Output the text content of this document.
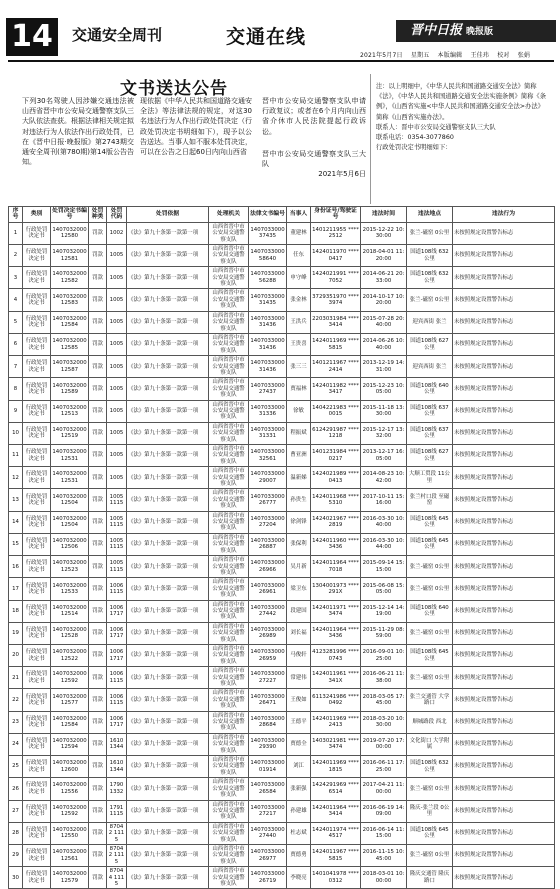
14	交通安全周刊	交通在线	晋中日报 晚报版
2021年5月7日 星期五 本版编辑 王佳玮 校对 张娟
文书送达公告
下列30名驾驶人因涉嫌交通违法被山西省晋中市公安局交通警察支队三大队依法查获。根据法律相关规定拟对违法行为人依法作出行政处罚，已在《晋中日报·晚报版》第2743期交通安全周刊(第780期)第14版公告告知。
现依据《中华人民共和国道路交通安全法》等法律法规的规定，对这30名违法行为人作出行政处罚决定（行政处罚决定书明细如下），现予以公告送达。当事人如不服本处罚决定，可以在公告之日起60日内向山西省
晋中市公安局交通警察支队申请行政复议；或者在6个月内向山西省介休市人民法院提起行政诉讼。
晋中市公安局交通警察支队三大队
2021年5月6日
注：以上明细中，《中华人民共和国道路交通安全法》简称《法》，《中华人民共和国道路交通安全法实施条例》简称《条例》，《山西省实施<中华人民共和国道路交通安全法>办法》简称《山西省实施办法》。
联系人：晋中市公安局交通警察支队三大队
联系电话：0354-3077860
行政处罚决定书明细如下：
序号	类别	处罚决定书编号	处罚种类	处罚代码	处罚依据	处理机关	法律文书编号	当事人	身份证号/驾驶证号	违法时间	违法地点	违法行为
1	行政处罚决定书	1407032000 12580	罚款	1002	《法》第九十条第一款第一项	山西省晋中市公安局交通警察支队	1407033000 37435	董建林	1401211955 ****2512	2015-12-22 10:30:00	张兰-磁窑 0公里	未按照规定设置警告标志
2	行政处罚决定书	1407032000 12581	罚款	1005	《法》第九十条第一款第一项	山西省晋中市公安局交通警察支队	1407033000 58640	任东	1424011970 ****0417	2018-04-01 11:20:00	国道108线 632公里	未按照规定设置警告标志
3	行政处罚决定书	1407032000 12582	罚款	1005	《法》第九十条第一款第一项	山西省晋中市公安局交通警察支队	1407033000 56288	申守峰	1424021991 ****7052	2014-06-21 20:33:00	国道108线 632公里	未按照规定设置警告标志
4	行政处罚决定书	1407032000 12583	罚款	1005	《法》第九十条第一款第一项	山西省晋中市公安局交通警察支队	1407033000 31435	张金林	3729351970 ****3974	2014-10-17 10:20:00	张兰-磁窑 0公里	未按照规定设置警告标志
5	行政处罚决定书	1407032000 12584	罚款	1005	《法》第九十条第一款第一项	山西省晋中市公安局交通警察支队	1407033000 31436	王洪兵	2203031984 ****3414	2015-07-28 20:40:00	迎宾西街 张兰	未按照规定设置警告标志
6	行政处罚决定书	1407032000 12585	罚款	1005	《法》第九十条第一款第一项	山西省晋中市公安局交通警察支队	1407033000 31436	王贵喜	1424011969 ****5815	2014-06-26 10:40:00	国道108线 627公里	未按照规定设置警告标志
7	行政处罚决定书	1407032000 12587	罚款	1005	《法》第九十条第一款第一项	山西省晋中市公安局交通警察支队	1407033000 31436	张三三	1401211967 ****2414	2013-12-19 14:31:00	迎宾西街 张兰	未按照规定设置警告标志
8	行政处罚决定书	1407032000 12589	罚款	1005	《法》第九十条第一款第一项	山西省晋中市公安局交通警察支队	1407033000 27437	贾福林	1424011982 ****3417	2015-12-23 10:05:00	国道108线 640公里	未按照规定设置警告标志
9	行政处罚决定书	1407032000 12513	罚款	1005	《法》第九十条第一款第一项	山西省晋中市公安局交通警察支队	1407033000 31336	徐敏	1404221983 ****0015	2015-11-18 13:30:00	国道108线 637公里	未按照规定设置警告标志
10	行政处罚决定书	1407032000 12519	罚款	1005	《法》第九十条第一款第一项	山西省晋中市公安局交通警察支队	1407033000 31331	程振斌	6124291987 ****1218	2015-12-17 13:32:00	国道108线 637公里	未按照规定设置警告标志
11	行政处罚决定书	1407032000 12531	罚款	1005	《法》第九十条第一款第一项	山西省晋中市公安局交通警察支队	1407033000 32561	曹亚洲	1401231984 ****0217	2013-12-17 16:05:00	国道108线 627公里	未按照规定设置警告标志
12	行政处罚决定书	1407032000 12531	罚款	1005	《法》第九十条第一款第一项	山西省晋中市公安局交通警察支队	1407033000 29007	温新娣	1424021989 ****0413	2014-08-23 10:42:00	大顺工贸段 11公里	未按照规定设置警告标志
13	行政处罚决定书	1407032000 12504	罚款	1005 1115	《法》第九十条第一款第一项	山西省晋中市公安局交通警察支队	1407033000 26777	孙贵生	1424011968 ****5310	2017-10-11 15:16:00	张兰村口段 至磁窑	未按照规定设置警告标志
14	行政处罚决定书	1407032000 12504	罚款	1005 1115	《法》第九十条第一款第一项	山西省晋中市公安局交通警察支队	1407033000 27204	徐剑锋	1424021967 ****2819	2016-03-30 10:40:00	国道108线 645公里	未按照规定设置警告标志
15	行政处罚决定书	1407032000 12506	罚款	1005 1115	《法》第九十条第一款第一项	山西省晋中市公安局交通警察支队	1407033000 26887	张保利	1424011960 ****3436	2016-03-30 10:44:00	国道108线 645公里	未按照规定设置警告标志
16	行政处罚决定书	1407032000 12523	罚款	1005 1115	《法》第九十条第一款第一项	山西省晋中市公安局交通警察支队	1407033000 26966	吴月新	1424011964 ****7018	2015-09-14 15:15:00	张兰-磁窑 0公里	未按照规定设置警告标志
17	行政处罚决定书	1407032000 12533	罚款	1006 1115	《法》第九十条第一款第一项	山西省晋中市公安局交通警察支队	1407033000 26961	梁卫东	1304001973 ****291X	2015-06-08 15:05:00	张兰-磁窑 0公里	未按照规定设置警告标志
18	行政处罚决定书	1407032000 12514	罚款	1006 1717	《法》第九十条第一款第一项	山西省晋中市公安局交通警察支队	1407033000 27442	段建国	1424011971 ****3474	2015-12-14 14:19:00	国道108线 640公里	未按照规定设置警告标志
19	行政处罚决定书	1407032000 12528	罚款	1006 1717	《法》第九十条第一款第一项	山西省晋中市公安局交通警察支队	1407033000 26989	刘长福	1424011964 ****3436	2015-11-29 08:59:00	张兰-磁窑 0公里	未按照规定设置警告标志
20	行政处罚决定书	1407032000 12522	罚款	1006 1717	《法》第九十条第一款第一项	山西省晋中市公安局交通警察支队	1407033000 26959	马俊轩	4123281996 ****0743	2016-09-01 10:25:00	国道108线 645公里	未按照规定设置警告标志
21	行政处罚决定书	1407032000 12592	罚款	1006 1115	《法》第九十条第一款第一项	山西省晋中市公安局交通警察支队	1407033000 27227	常建伟	1424011961 ****341X	2016-06-21 11:38:00	张兰-磁窑 0公里	未按照规定设置警告标志
22	行政处罚决定书	1407032000 12577	罚款	1006 1115	《法》第九十条第一款第一项	山西省晋中市公安局交通警察支队	1407033000 26471	王俊如	6113241986 ****0492	2018-03-05 17:45:00	张兰交通管 大学路口	未按照规定设置警告标志
23	行政处罚决定书	1407032000 12584	罚款	1006 1717	《法》第九十条第一款第一项	山西省晋中市公安局交通警察支队	1407033000 28684	王德平	1424011969 ****2413	2018-03-20 10:30:00	顺城路段 西北	未按照规定设置警告标志
24	行政处罚决定书	1407032000 12594	罚款	1610 1344	《法》第九十条第一款第一项	山西省晋中市公安局交通警察支队	1407033000 29390	贾德全	1403021981 ****3474	2019-07-20 17:00:00	文化街口 大学附属	未按照规定设置警告标志
25	行政处罚决定书	1407032000 12600	罚款	1610 1344	《法》第九十条第一款第一项	山西省晋中市公安局交通警察支队	1407033000 01914	刘江	1424011969 ****1815	2016-06-11 17:25:00	国道108线 632公里	未按照规定设置警告标志
26	行政处罚决定书	1407032000 12556	罚款	1790 1332	《法》第九十条第一款第一项	山西省晋中市公安局交通警察支队	1407033000 26584	张新强	1424291969 ****6514	2017-04-21 11:00:00	张兰-磁窑 0公里	未按照规定设置警告标志
27	行政处罚决定书	1407032000 12592	罚款	1791 1115	《法》第九十条第一款第一项	山西省晋中市公安局交通警察支队	1407033000 27217	孙建雄	1424011964 ****3414	2016-06-19 14:09:00	隆庆-张兰段 0公里	未按照规定设置警告标志
28	行政处罚决定书	1407032000 12550	罚款	87042 1115	《法》第九十条第一款第一项	山西省晋中市公安局交通警察支队	1407033000 27440	杜志斌	1424011974 ****4517	2016-06-14 11:15:00	国道108线 645公里	未按照规定设置警告标志
29	行政处罚决定书	1407032000 12561	罚款	87042 1115	《法》第九十条第一款第一项	山西省晋中市公安局交通警察支队	1407033000 26977	贾德勇	1424011967 ****5815	2016-11-15 10:45:00	张兰-磁窑 0公里	未按照规定设置警告标志
30	行政处罚决定书	1407032000 12579	罚款	87044 1115	《法》第九十条第一款第一项	山西省晋中市公安局交通警察支队	1407033000 26719	李晓亮	1401041978 ****0312	2018-03-01 10:00:00	隆庆交通管 隆庆路口	未按照规定设置警告标志
